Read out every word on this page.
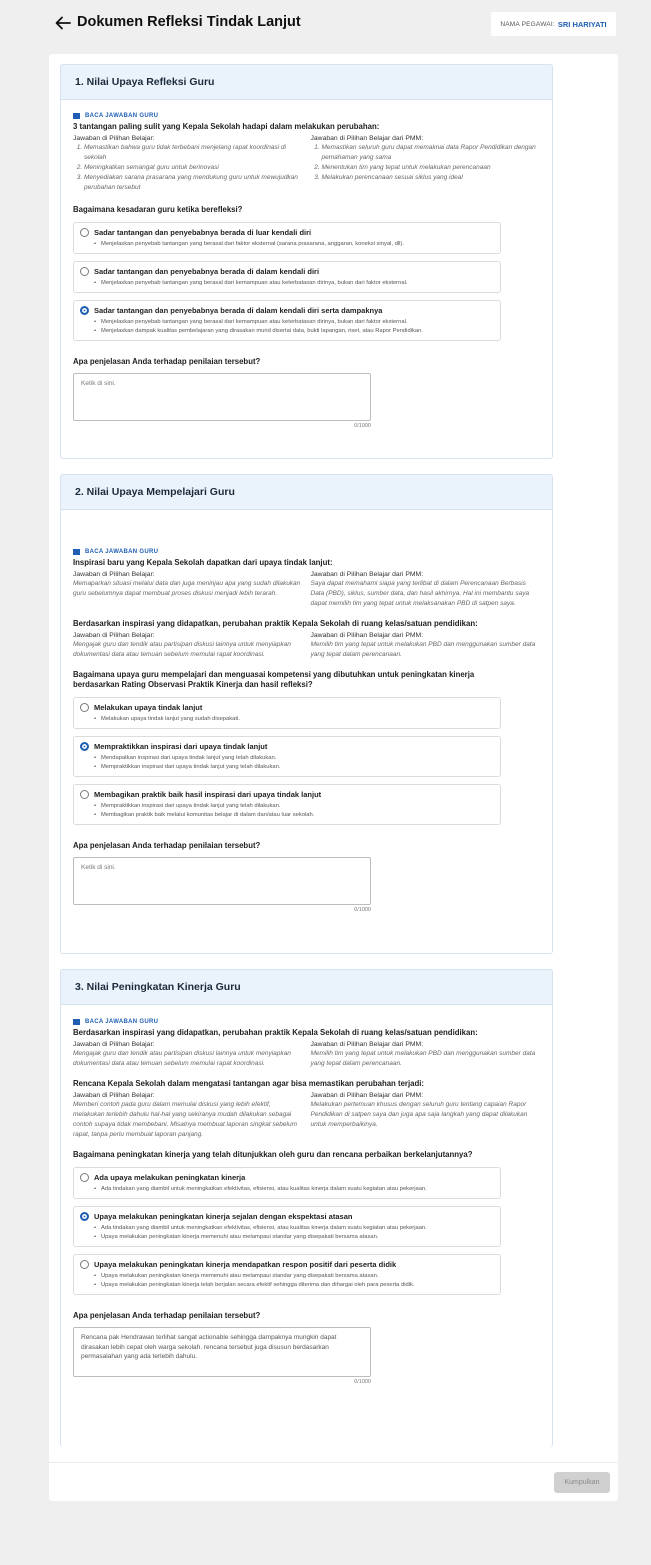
Dokumen Refleksi Tindak Lanjut	NAMA PEGAWAI: SRI HARIYATI
1. Nilai Upaya Refleksi Guru
BACA JAWABAN GURU
3 tantangan paling sulit yang Kepala Sekolah hadapi dalam melakukan perubahan:
Jawaban di Pilihan Belajar:
1. Memastikan bahwa guru tidak terbebani menjelang rapat koordinasi di sekolah
2. Meningkatkan semangat guru untuk berinovasi
3. Menyediakan sarana prasarana yang mendukung guru untuk mewujudkan perubahan tersebut
Jawaban di Pilihan Belajar dari PMM:
1. Memastikan seluruh guru dapat memaknai data Rapor Pendidikan dengan pemahaman yang sama
2. Menentukan tim yang tepat untuk melakukan perencanaan
3. Melakukan perencanaan sesuai siklus yang ideal
Bagaimana kesadaran guru ketika berefleksi?
Sadar tantangan dan penyebabnya berada di luar kendali diri
• Menjelaskan penyebab tantangan yang berasal dari faktor eksternal (sarana prasarana, anggaran, koneksi sinyal, dll).
Sadar tantangan dan penyebabnya berada di dalam kendali diri
• Menjelaskan penyebab tantangan yang berasal dari kemampuan atau keterbatasan dirinya, bukan dari faktor eksternal.
Sadar tantangan dan penyebabnya berada di dalam kendali diri serta dampaknya
• Menjelaskan penyebab tantangan yang berasal dari kemampuan atau keterbatasan dirinya, bukan dari faktor eksternal.
• Menjelaskan dampak kualitas pembelajaran yang dirasakan murid disertai data, bukti lapangan, riset, atau Rapor Pendidikan.
Apa penjelasan Anda terhadap penilaian tersebut?
Ketik di sini.
0/1000
2. Nilai Upaya Mempelajari Guru
BACA JAWABAN GURU
Inspirasi baru yang Kepala Sekolah dapatkan dari upaya tindak lanjut:
Jawaban di Pilihan Belajar:
Memaparkan situasi melalui data dan juga meninjau apa yang sudah dilakukan guru sebelumnya dapat membuat proses diskusi menjadi lebih terarah.
Jawaban di Pilihan Belajar dari PMM:
Saya dapat memahami siapa yang terlibat di dalam Perencanaan Berbasis Data (PBD), siklus, sumber data, dan hasil akhirnya. Hal ini membantu saya dapat memilih tim yang tepat untuk melaksanakan PBD di satpen saya.
Berdasarkan inspirasi yang didapatkan, perubahan praktik Kepala Sekolah di ruang kelas/satuan pendidikan:
Jawaban di Pilihan Belajar:
Mengajak guru dan tendik atau partisipan diskusi lainnya untuk menyiapkan dokumentasi data atau temuan sebelum memulai rapat koordinasi.
Jawaban di Pilihan Belajar dari PMM:
Memilih tim yang tepat untuk melakukan PBD dan menggunakan sumber data yang tepat dalam perencanaan.
Bagaimana upaya guru mempelajari dan menguasai kompetensi yang dibutuhkan untuk peningkatan kinerja berdasarkan Rating Observasi Praktik Kinerja dan hasil refleksi?
Melakukan upaya tindak lanjut
• Melakukan upaya tindak lanjut yang sudah disepakati.
Mempraktikkan inspirasi dari upaya tindak lanjut
• Mendapatkan inspirasi dari upaya tindak lanjut yang telah dilakukan.
• Mempraktikkan inspirasi dari upaya tindak lanjut yang telah dilakukan.
Membagikan praktik baik hasil inspirasi dari upaya tindak lanjut
• Mempraktikkan inspirasi dari upaya tindak lanjut yang telah dilakukan.
• Membagikan praktik baik melalui komunitas belajar di dalam dan/atau luar sekolah.
Apa penjelasan Anda terhadap penilaian tersebut?
Ketik di sini.
0/1000
3. Nilai Peningkatan Kinerja Guru
BACA JAWABAN GURU
Berdasarkan inspirasi yang didapatkan, perubahan praktik Kepala Sekolah di ruang kelas/satuan pendidikan:
Jawaban di Pilihan Belajar:
Mengajak guru dan tendik atau partisipan diskusi lainnya untuk menyiapkan dokumentasi data atau temuan sebelum memulai rapat koordinasi.
Jawaban di Pilihan Belajar dari PMM:
Memilih tim yang tepat untuk melakukan PBD dan menggunakan sumber data yang tepat dalam perencanaan.
Rencana Kepala Sekolah dalam mengatasi tantangan agar bisa memastikan perubahan terjadi:
Jawaban di Pilihan Belajar:
Memberi contoh pada guru dalam memulai diskusi yang lebih efektif, melakukan terlebih dahulu hal-hal yang sekiranya mudah dilakukan sebagai contoh supaya tidak membebani. Misalnya membuat laporan singkat sebelum rapat, tanpa perlu membuat laporan panjang.
Jawaban di Pilihan Belajar dari PMM:
Melakukan pertemuan khusus dengan seluruh guru tentang capaian Rapor Pendidikan di satpen saya dan juga apa saja langkah yang dapat dilakukan untuk memperbaikinya.
Bagaimana peningkatan kinerja yang telah ditunjukkan oleh guru dan rencana perbaikan berkelanjutannya?
Ada upaya melakukan peningkatan kinerja
• Ada tindakan yang diambil untuk meningkatkan efektivitas, efisiensi, atau kualitas kinerja dalam suatu kegiatan atau pekerjaan.
Upaya melakukan peningkatan kinerja sejalan dengan ekspektasi atasan
• Ada tindakan yang diambil untuk meningkatkan efektivitas, efisiensi, atau kualitas kinerja dalam suatu kegiatan atau pekerjaan.
• Upaya melakukan peningkatan kinerja memenuhi atau melampaui standar yang disepakati bersama atasan.
Upaya melakukan peningkatan kinerja mendapatkan respon positif dari peserta didik
• Upaya melakukan peningkatan kinerja memenuhi atau melampaui standar yang disepakati bersama atasan.
• Upaya melakukan peningkatan kinerja telah berjalan secara efektif sehingga diterima dan dihargai oleh para peserta didik.
Apa penjelasan Anda terhadap penilaian tersebut?
Rencana pak Hendrawan terlihat sangat actionable sehingga dampaknya mungkin dapat dirasakan lebih cepat oleh warga sekolah. rencana tersebut juga disusun berdasarkan permasalahan yang ada terlebih dahulu.
0/1000
Kumpulkan
